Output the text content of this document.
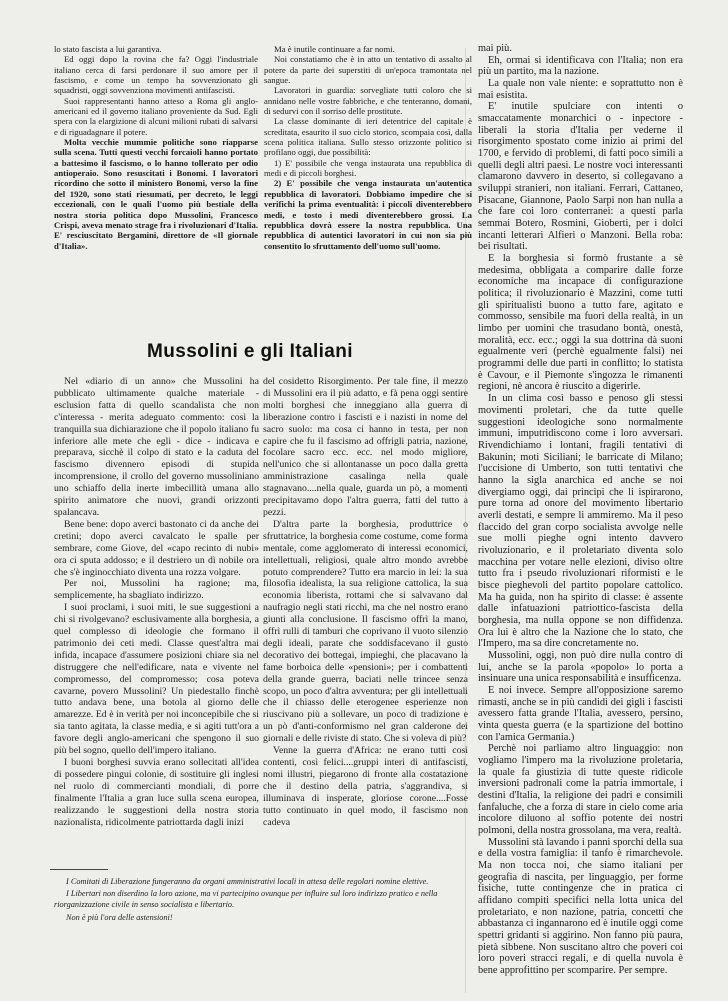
lo stato fascista a lui garantiva.

Ed oggi dopo la rovina che fa? Oggi l'industriale italiano cerca di farsi perdonare il suo amore per il fascismo, e come un tempo ha sovvenzionato gli squadristi, oggi sovvenziona movimenti antifascisti.

Suoi rappresentanti hanno atteso a Roma gli anglo-americani ed il governo italiano proveniente da Sud. Egli spera con la elargizione di alcuni milioni rubati di salvarsi e di riguadagnare il potere.

Molta vecchie mummie politiche sono riapparse sulla scena. Tutti questi vecchi forcaioli hanno portato a battesimo il fascismo, o lo hanno tollerato per odio antioperaio. Sono resuscitati i Bonomi. I lavoratori ricordino che sotto il ministero Bonomi, verso la fine del 1920, sono stati riesumati, per decreto, le leggi eccezionali, con le quali l'uomo più bestiale della nostra storia politica dopo Mussolini, Francesco Crispi, aveva menato strage fra i rivoluzionari d'Italia. E' resciuscitato Bergamini, direttore de «Il giornale d'Italia».

Ma è inutile continuare a far nomi.

Noi constatiamo che è in atto un tentativo di assalto al potere da parte dei superstiti di un'epoca tramontata nel sangue.

Lavoratori in guardia: sorvegliate tutti coloro che si annidano nelle vostre fabbriche, e che tenteranno, domani, di sedurvi con il sorriso delle prostitute.

La classe dominante di ieri detentrice del capitale è screditata, esaurito il suo ciclo storico, scompaia così, dalla scena politica italiana. Sullo stesso orizzonte politico si profilano oggi, due possibilità:

1) E' possibile che venga instaurata una repubblica di medi e di piccoli borghesi.

2) E' possibile che venga instaurata un'autentica repubblica di lavoratori. Dobbiamo impedire che si verifichi la prima eventualità: i piccoli diventerebbero medi, e tosto i medi diventerebbero grossi. La repubblica dovrà essere la nostra repubblica. Una repubblica di autentici lavoratori in cui non sia più consentito lo sfruttamento dell'uomo sull'uomo.

Mussolini e gli Italiani

Nel «diario di un anno» che Mussolini ha pubblicato ultimamente qualche materiale - esclusion fatta di quello scandalista che non c'interessa - merita adeguato commento: così la tranquilla sua dichiarazione che il popolo italiano fu inferiore alle mete che egli - dice - indicava e preparava, sicchè il colpo di stato e la caduta del fascismo divennero episodi di stupida incomprensione, il crollo del governo mussoliniano uno schiaffo della inerte imbecillità umana allo spirito animatore che nuovi, grandi orizzonti spalancava.

Bene bene: dopo averci bastonato ci da anche dei cretini; dopo averci cavalcato le spalle per sembrare, come Giove, del «capo recinto di nubi» ora ci sputa addosso; e il destriero un dì nobile ora che s'è inginocchiato diventa una rozza volgare.

Per noi, Mussolini ha ragione; ma, semplicemente, ha sbagliato indirizzo.

I suoi proclami, i suoi miti, le sue suggestioni a chi si rivolgevano? esclusivamente alla borghesia, a quel complesso di ideologie che formano il patrimonio dei ceti medi. Classe quest'altra mai infida, incapace d'assumere posizioni chiare sia nel distruggere che nell'edificare, nata e vivente nel compromesso, del compromesso; cosa poteva cavarne, povero Mussolini? Un piedestallo finchè tutto andava bene, una botola al giorno delle amarezze. Ed è in verità per noi inconcepibile che si sia tanto agitata, la classe media, e si agiti tutt'ora a favore degli anglo-americani che spengono il suo più bel sogno, quello dell'impero italiano.

I buoni borghesi suvvia erano sollecitati all'idea di possedere pingui colonie, di sostituire gli inglesi nel ruolo di commercianti mondiali, di porre finalmente l'Italia a gran luce sulla scena europea, realizzando le suggestioni della nostra storia nazionalista, ridicolmente patriottarda dagli inizi

del cosidetto Risorgimento. Per tale fine, il mezzo di Mussolini era il più adatto, e fà pena oggi sentire molti borghesi che inneggiano alla guerra di liberazione contro i fascisti e i nazisti in nome del sacro suolo: ma cosa ci hanno in testa, per non capire che fu il fascismo ad offrigli patria, nazione, focolare sacro ecc. ecc. nel modo migliore, nell'unico che si allontanasse un poco dalla gretta amministrazione casalinga nella quale stagnavano....nella quale, guarda un pò, a momenti precipitavamo dopo l'altra guerra, fatti del tutto a pezzi.

D'altra parte la borghesia, produttrice o sfruttatrice, la borghesia come costume, come forma mentale, come agglomerato di interessi economici, intellettuali, religiosi, quale altro mondo avrebbe potuto comprendere? Tutto era marcio in lei: la sua filosofia idealista, la sua religione cattolica, la sua economia liberista, rottami che si salvavano dal naufragio negli stati ricchi, ma che nel nostro erano giunti alla conclusione. Il fascismo offrì la mano, offrì rulli di tamburi che coprivano il vuoto silenzio degli ideali, parate che soddisfacevano il gusto decorativo dei bottegai, impieghi, che placavano la fame borboica delle «pensioni»; per i combattenti della grande guerra, baciati nelle trincee senza scopo, un poco d'altra avventura; per gli intellettuali che il chiasso delle eterogenee esperienze non riuscivano più a sollevare, un poco di tradizione e un pò d'anti-conformismo nel gran calderone dei giornali e delle riviste di stato. Che si voleva di più?

Venne la guerra d'Africa: ne erano tutti così contenti, così felici....gruppi interi di antifascisti, nomi illustri, piegarono di fronte alla costatazione che il destino della patria, s'aggrandiva, si illuminava di insperate, gloriose corone....Fosse tutto continuato in quel modo, il fascismo non cadeva

mai più.

Eh, ormai si identificava con l'Italia; non era più un partito, ma la nazione.

La quale non vale niente: e soprattutto non è mai esistita.

E' inutile spulciare con intenti o smaccatamente monarchici o - inpectore - liberali la storia d'Italia per vederne il risorgimento spostato come inizio ai primi del 1700, e fervido di problemi, di fatti poco simili a quelli degli altri paesi. Le nostre voci interessanti clamarono davvero in deserto, si collegavano a sviluppi stranieri, non italiani. Ferrari, Cattaneo, Pisacane, Giannone, Paolo Sarpi non han nulla a che fare coi loro conterranei: a questi parla semmai Botero, Rosmini, Gioberti, per i dolci incanti letterari Alfieri o Manzoni. Bella roba: bei risultati.

E la borghesia si formò frustante a sè medesima, obbligata a comparire dalle forze economiche ma incapace di configurazione politica; il rivoluzionario è Mazzini, come tutti gli spiritualisti buono a tutto fare, agitato e commosso, sensibile ma fuori della realtà, in un limbo per uomini che trasudano bontà, onestà, moralità, ecc. ecc.; oggi la sua dottrina dà suoni egualmente veri (perchè egualmente falsi) nei programmi delle due parti in conflitto; lo statista è Cavour, e il Piemonte s'ingozza le rimanenti regioni, nè ancora è riuscito a digerirle.

In un clima così basso e penoso gli stessi movimenti proletari, che da tutte quelle suggestioni ideologiche sono normalmente immuni, imputridiscono come i loro avversari. Rivendichiamo i lontani, fragili tentativi di Bakunin; moti Siciliani; le barricate di Milano; l'uccisione di Umberto, son tutti tentativi che hanno la sigla anarchica ed anche se noi divergiamo oggi, dai principi che li ispirarono, pure torna ad onore del movimento libertario averli destati, e sempre li ammiremo. Ma il peso flaccido del gran corpo socialista avvolge nelle sue molli pieghe ogni intento davvero rivoluzionario, e il proletariato diventa solo macchina per votare nelle elezioni, diviso oltre tutto fra i pseudo rivoluzionari riformisti e le bisce pieghevoli del partito popolare cattolico. Ma ha guida, non ha spirito di classe: è assente dalle infatuazioni patriottico-fascista della borghesia, ma nulla oppone se non diffidenza. Ora lui è altro che la Nazione che lo stato, che l'Impero, ma sa dire concretamente no.

Mussolini, oggi, non può dire nulla contro di lui, anche se la parola «popolo» lo porta a insinuare una unica responsabilità e insufficenza.

E noi invece. Sempre all'opposizione saremo rimasti, anche se in più candidi dei gigli i fascisti avessero fatta grande l'Italia, avessero, persino, vinta questa guerra (e la spartizione del bottino con l'amica Germania.)

Perchè noi parliamo altro linguaggio: non vogliamo l'impero ma la rivoluzione proletaria, la quale fa giustizia di tutte queste ridicole inversioni padronali come la patria immortale, i destini d'Italia, la religione dei padri e consimili fanfaluche, che a forza di stare in cielo come aria incolore diluono al soffio potente dei nostri polmoni, della nostra grossolana, ma vera, realtà.

Mussolini stà lavando i panni sporchi della sua e della vostra famiglia: il tanfo è rimarchevole. Ma non tocca noi, che siamo italiani per geografia di nascita, per linguaggio, per forme fisiche, tutte contingenze che in pratica ci affidano compiti specifici nella lotta unica del proletariato, e non nazione, patria, concetti che abbastanza ci ingannarono ed è inutile oggi come spettri gridanti si aggirino. Non fanno più paura, pietà sibbene. Non suscitano altro che poveri coi loro poveri stracci regali, e di quella nuvola è bene approfittino per scomparire. Per sempre.

I Comitati di Liberazione fungeranno da organi amministrativi locali in attesa delle regolari nomine elettive.

I Libertari non diserdino la loro azione, ma vi partecipino ovunque per influire sul loro indirizzo pratico e nella riorganizzazione civile in senso socialista e libertario.

Non è più l'ora delle astensioni!
